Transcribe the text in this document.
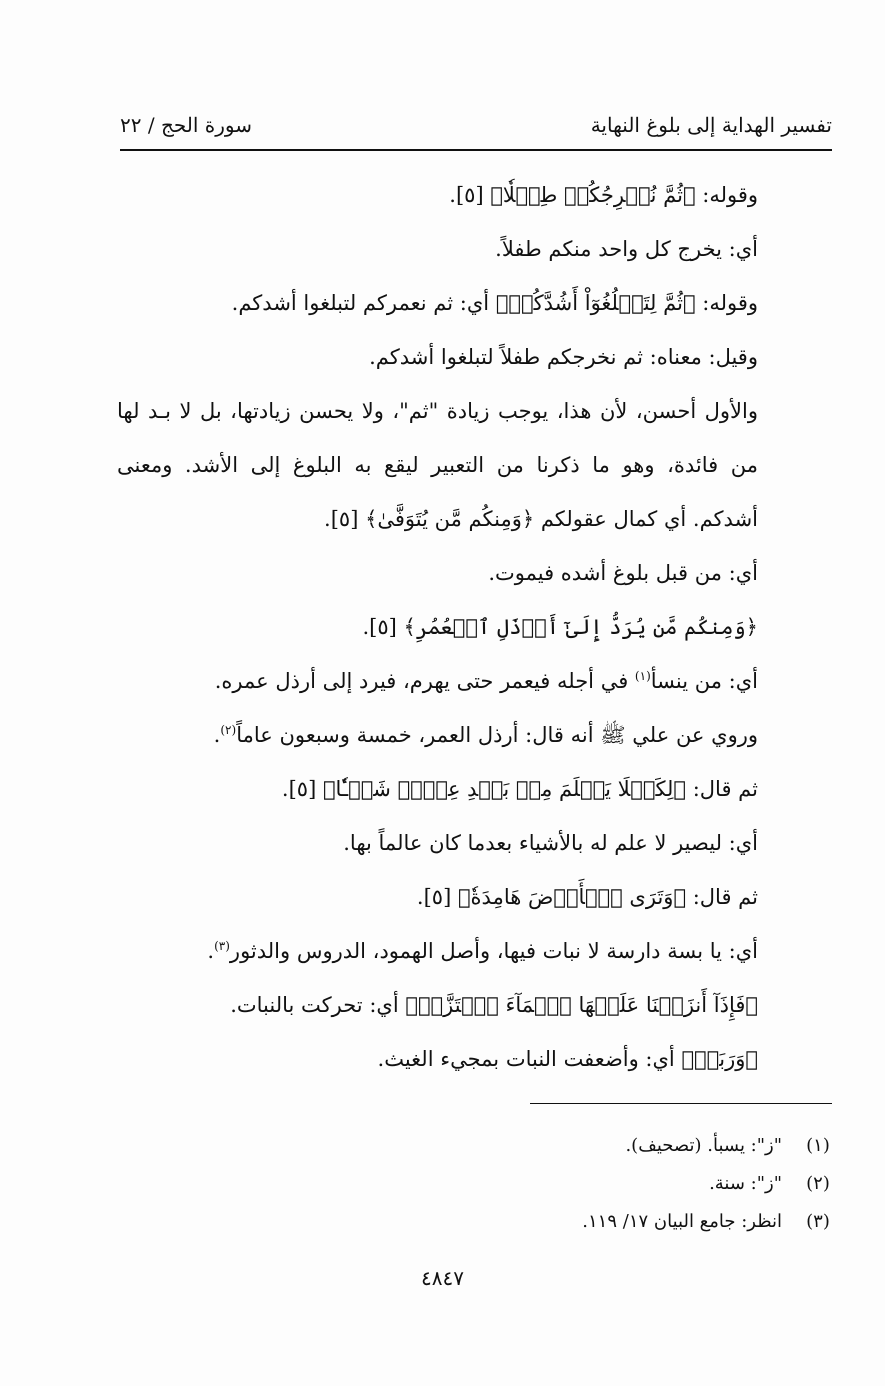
تفسير الهداية إلى بلوغ النهاية
سورة الحج / ٢٢

وقوله: ﴿ثُمَّ نُخۡرِجُكُمۡ طِفۡلٗا﴾ [٥].

أي: يخرج كل واحد منكم طفلاً.

وقوله: ﴿ثُمَّ لِتَبۡلُغُوٓاْ أَشُدَّكُمۡ﴾ أي: ثم نعمركم لتبلغوا أشدكم.

وقيل: معناه: ثم نخرجكم طفلاً لتبلغوا أشدكم.

والأول أحسن، لأن هذا، يوجب زيادة "ثم"، ولا يحسن زيادتها، بل لا بـد لها من فائدة، وهو ما ذكرنا من التعبير ليقع به البلوغ إلى الأشد. ومعنى أشدكم. أي كمال عقولكم ﴿وَمِنكُم مَّن يُتَوَفَّىٰ﴾ [٥].

أي: من قبل بلوغ أشده فيموت.

﴿وَمِنكُم مَّن يُرَدُّ إِلَىٰٓ أَرۡذَلِ ٱلۡعُمُرِ﴾ [٥].

أي: من ينسأ$^{(١)}$ في أجله فيعمر حتى يهرم، فيرد إلى أرذل عمره.

وروي عن علي ﷺ أنه قال: أرذل العمر، خمسة وسبعون عاماً$^{(٢)}$.

ثم قال: ﴿لِكَيۡلَا يَعۡلَمَ مِنۢ بَعۡدِ عِلۡمٖ شَيۡـٔٗا﴾ [٥].

أي: ليصير لا علم له بالأشياء بعدما كان عالماً بها.

ثم قال: ﴿وَتَرَى ٱلۡأَرۡضَ هَامِدَةٗ﴾ [٥].

أي: يا بسة دارسة لا نبات فيها، وأصل الهمود، الدروس والدثور$^{(٣)}$.

﴿فَإِذَآ أَنزَلۡنَا عَلَيۡهَا ٱلۡمَآءَ ٱهۡتَزَّتۡ﴾ أي: تحركت بالنبات.

﴿وَرَبَتۡ﴾ أي: وأضعفت النبات بمجيء الغيث.

(١)
"ز": يسبأ. (تصحيف).
(٢)
"ز": سنة.
(٣)
انظر: جامع البيان ١٧/ ١١٩.
٤٨٤٧
